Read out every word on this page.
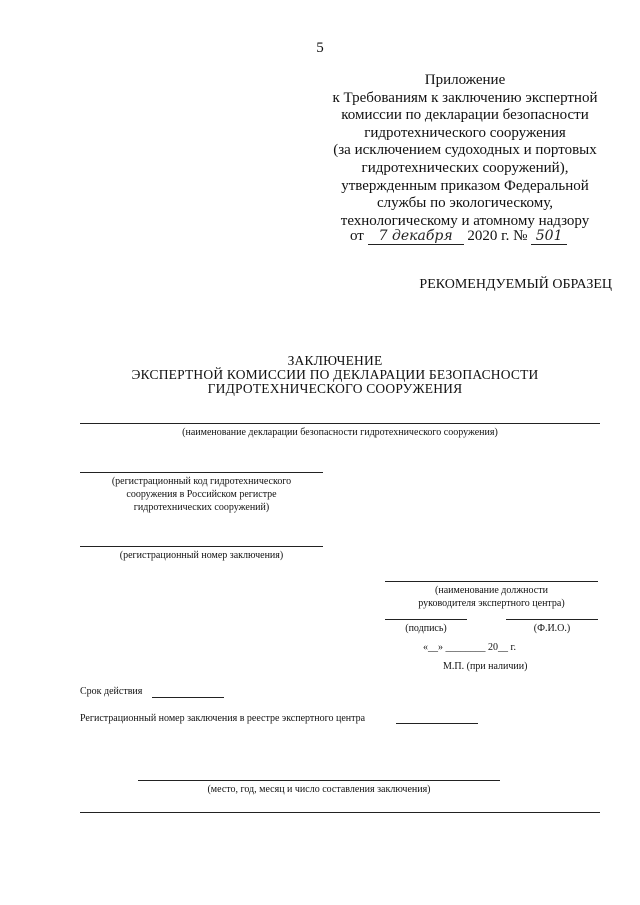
5
Приложение
к Требованиям к заключению экспертной
комиссии по декларации безопасности
гидротехнического сооружения
(за исключением судоходных и портовых
гидротехнических сооружений),
утвержденным приказом Федеральной
службы по экологическому,
технологическому и атомному надзору
от 7 декабря 2020 г. № 501
РЕКОМЕНДУЕМЫЙ ОБРАЗЕЦ
ЗАКЛЮЧЕНИЕ
ЭКСПЕРТНОЙ КОМИССИИ ПО ДЕКЛАРАЦИИ БЕЗОПАСНОСТИ
ГИДРОТЕХНИЧЕСКОГО СООРУЖЕНИЯ
(наименование декларации безопасности гидротехнического сооружения)
(регистрационный код гидротехнического
сооружения в Российском регистре
гидротехнических сооружений)
(регистрационный номер заключения)
(наименование должности
руководителя экспертного центра)
(подпись)	(Ф.И.О.)
«__» ________ 20__ г.
М.П. (при наличии)
Срок действия
Регистрационный номер заключения в реестре экспертного центра
(место, год, месяц и число составления заключения)
